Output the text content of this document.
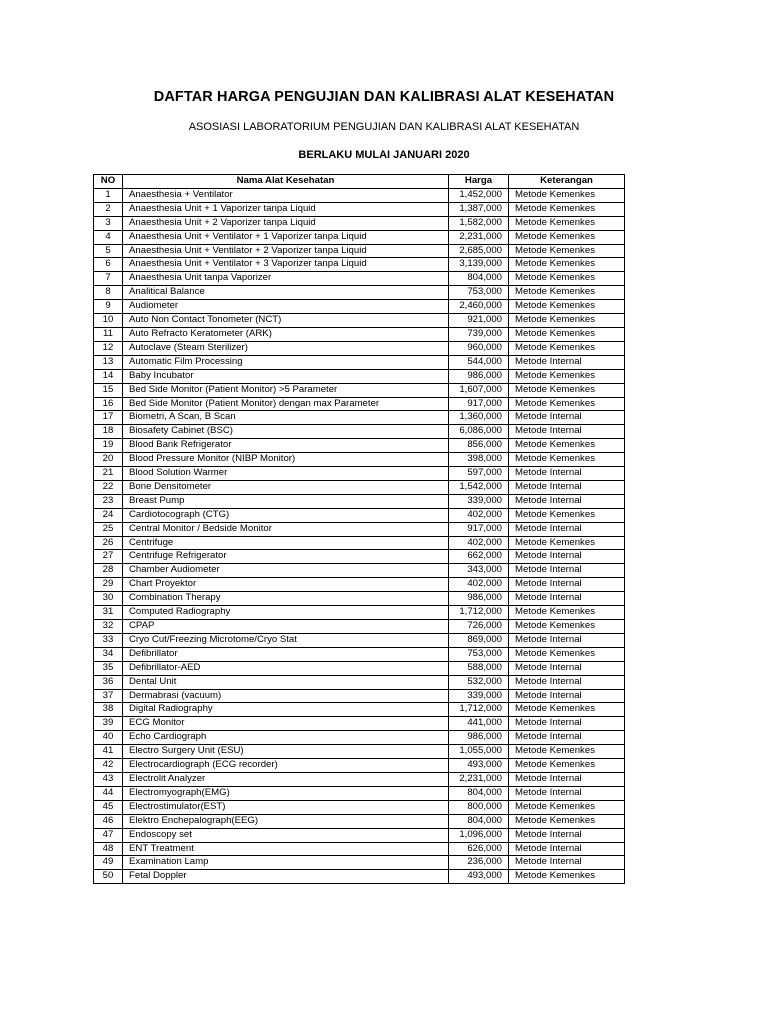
DAFTAR HARGA PENGUJIAN DAN KALIBRASI ALAT KESEHATAN
ASOSIASI LABORATORIUM PENGUJIAN DAN KALIBRASI ALAT KESEHATAN
BERLAKU MULAI JANUARI 2020
NO	Nama Alat Kesehatan	Harga	Keterangan
1	Anaesthesia + Ventilator	1,452,000	Metode Kemenkes
2	Anaesthesia Unit + 1 Vaporizer tanpa Liquid	1,387,000	Metode Kemenkes
3	Anaesthesia Unit + 2 Vaporizer tanpa Liquid	1,582,000	Metode Kemenkes
4	Anaesthesia Unit + Ventilator + 1 Vaporizer tanpa Liquid	2,231,000	Metode Kemenkes
5	Anaesthesia Unit + Ventilator + 2 Vaporizer tanpa Liquid	2,685,000	Metode Kemenkes
6	Anaesthesia Unit + Ventilator + 3 Vaporizer tanpa Liquid	3,139,000	Metode Kemenkes
7	Anaesthesia Unit tanpa Vaporizer	804,000	Metode Kemenkes
8	Analitical Balance	753,000	Metode Kemenkes
9	Audiometer	2,460,000	Metode Kemenkes
10	Auto Non Contact Tonometer (NCT)	921,000	Metode Kemenkes
11	Auto Refracto Keratometer (ARK)	739,000	Metode Kemenkes
12	Autoclave (Steam Sterilizer)	960,000	Metode Kemenkes
13	Automatic Film Processing	544,000	Metode Internal
14	Baby Incubator	986,000	Metode Kemenkes
15	Bed Side Monitor (Patient Monitor) >5 Parameter	1,607,000	Metode Kemenkes
16	Bed Side Monitor (Patient Monitor) dengan max Parameter	917,000	Metode Kemenkes
17	Biometri, A Scan, B Scan	1,360,000	Metode Internal
18	Biosafety Cabinet (BSC)	6,086,000	Metode Internal
19	Blood Bank Refrigerator	856,000	Metode Kemenkes
20	Blood Pressure Monitor (NIBP Monitor)	398,000	Metode Kemenkes
21	Blood Solution Warmer	597,000	Metode Internal
22	Bone Densitometer	1,542,000	Metode Internal
23	Breast Pump	339,000	Metode Internal
24	Cardiotocograph (CTG)	402,000	Metode Kemenkes
25	Central Monitor / Bedside Monitor	917,000	Metode Internal
26	Centrifuge	402,000	Metode Kemenkes
27	Centrifuge Refrigerator	662,000	Metode Internal
28	Chamber Audiometer	343,000	Metode Internal
29	Chart Proyektor	402,000	Metode Internal
30	Combination Therapy	986,000	Metode Internal
31	Computed Radiography	1,712,000	Metode Kemenkes
32	CPAP	726,000	Metode Kemenkes
33	Cryo Cut/Freezing Microtome/Cryo Stat	869,000	Metode Internal
34	Defibrillator	753,000	Metode Kemenkes
35	Defibrillator-AED	588,000	Metode Internal
36	Dental Unit	532,000	Metode Internal
37	Dermabrasi (vacuum)	339,000	Metode Internal
38	Digital Radiography	1,712,000	Metode Kemenkes
39	ECG Monitor	441,000	Metode Internal
40	Echo Cardiograph	986,000	Metode Internal
41	Electro Surgery Unit (ESU)	1,055,000	Metode Kemenkes
42	Electrocardiograph (ECG recorder)	493,000	Metode Kemenkes
43	Electrolit Analyzer	2,231,000	Metode Internal
44	Electromyograph(EMG)	804,000	Metode Internal
45	Electrostimulator(EST)	800,000	Metode Kemenkes
46	Elektro Enchepalograph(EEG)	804,000	Metode Kemenkes
47	Endoscopy set	1,096,000	Metode Internal
48	ENT Treatment	626,000	Metode Internal
49	Examination Lamp	236,000	Metode Internal
50	Fetal Doppler	493,000	Metode Kemenkes
